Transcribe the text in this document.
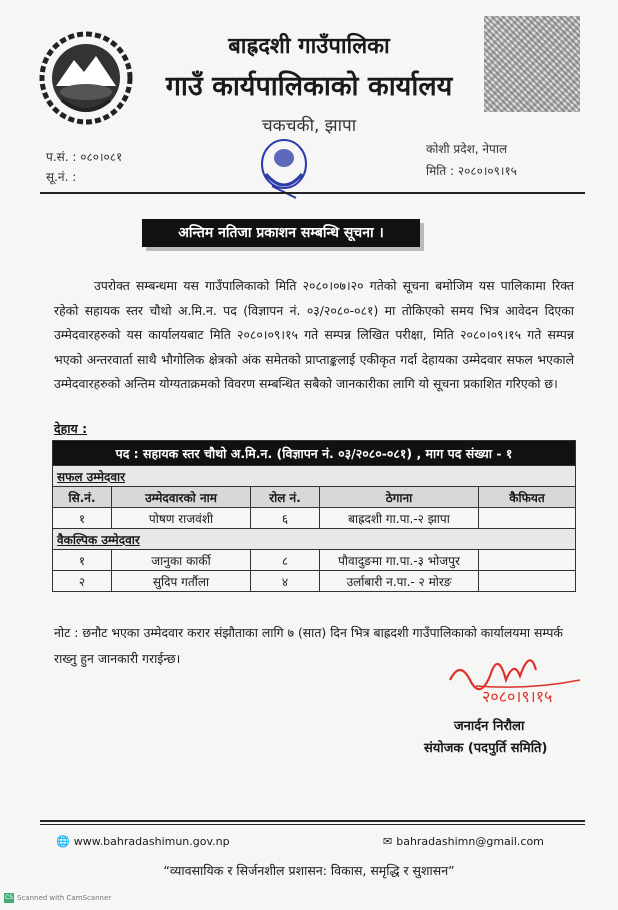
बाह्रदशी गाउँपालिका
गाउँ कार्यपालिकाको कार्यालय
चकचकी, झापा
प.सं. : ०८०।०८१
सू.नं. :
कोशी प्रदेश, नेपाल
मिति : २०८०।०९।१५
अन्तिम नतिजा प्रकाशन सम्बन्धि सूचना ।
उपरोक्त सम्बन्धमा यस गाउँपालिकाको मिति २०८०।०७।२० गतेको सूचना बमोजिम यस पालिकामा रिक्त रहेको सहायक स्तर चौथो अ.मि.न. पद (विज्ञापन नं. ०३/२०८०-०८१) मा तोकिएको समय भित्र आवेदन दिएका उम्मेदवारहरुको यस कार्यालयबाट मिति २०८०।०९।१५ गते सम्पन्न लिखित परीक्षा, मिति २०८०।०९।१५ गते सम्पन्न भएको अन्तरवार्ता साथै भौगोलिक क्षेत्रको अंक समेतको प्राप्ताङ्कलाई एकीकृत गर्दा देहायका उम्मेदवार सफल भएकाले उम्मेदवारहरुको अन्तिम योग्यताक्रमको विवरण सम्बन्धित सबैको जानकारीका लागि यो सूचना प्रकाशित गरिएको छ।
देहाय :
पद : सहायक स्तर चौथो अ.मि.न. (विज्ञापन नं. ०३/२०८०-०८१) , माग पद संख्या - १				
सफल उम्मेदवार				
सि.नं.	उम्मेदवारको नाम	रोल नं.	ठेगाना	कैफियत
१	पोषण राजवंशी	६	बाह्रदशी गा.पा.-२ झापा	
वैकल्पिक उम्मेदवार				
१	जानुका कार्की	८	पौवादुङमा गा.पा.-३ भोजपुर	
२	सुदिप गर्तौला	४	उर्लाबारी न.पा.- २ मोरङ	
नोट : छनौट भएका उम्मेदवार करार संझौताका लागि ७ (सात) दिन भित्र बाह्रदशी गाउँपालिकाको कार्यालयमा सम्पर्क राख्नु हुन जानकारी गराईन्छ।
२०८०।९।१५
जनार्दन निरौला
संयोजक (पदपुर्ति समिति)
🌐 www.bahradashimun.gov.np	✉ bahradashimn@gmail.com
“व्यावसायिक र सिर्जनशील प्रशासन: विकास, समृद्धि र सुशासन”
CS Scanned with CamScanner
